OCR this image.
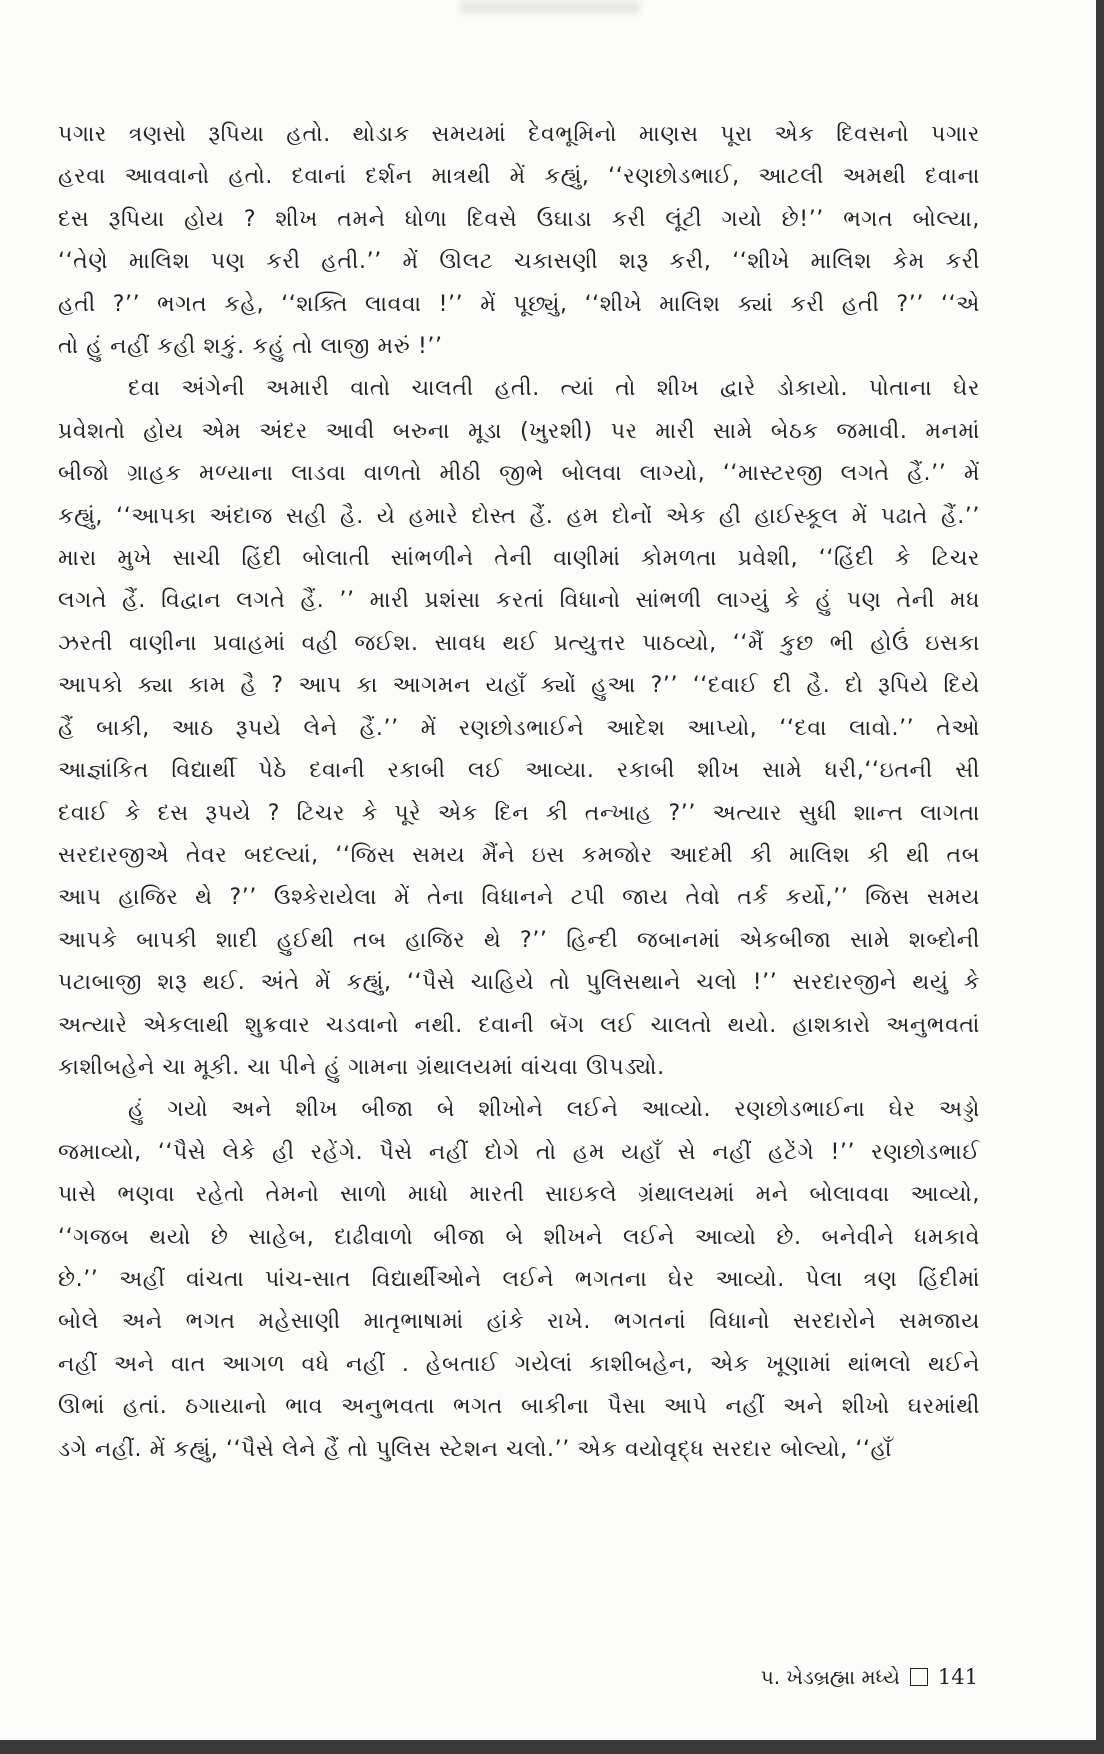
પગાર ત્રણસો રૂપિયા હતો. થોડાક સમયમાં દેવભૂમિનો માણસ પૂરા એક દિવસનો પગાર
હરવા આવવાનો હતો. દવાનાં દર્શન માત્રથી મેં કહ્યું, ‘‘રણછોડભાઈ, આટલી અમથી દવાના
દસ રૂપિયા હોય ? શીખ તમને ધોળા દિવસે ઉઘાડા કરી લૂંટી ગયો છે!’’ ભગત બોલ્યા,
‘‘તેણે માલિશ પણ કરી હતી.’’ મેં ઊલટ ચકાસણી શરૂ કરી, ‘‘શીખે માલિશ કેમ કરી
હતી ?’’ ભગત કહે, ‘‘શક્તિ લાવવા !’’ મેં પૂછ્યું, ‘‘શીખે માલિશ ક્યાં કરી હતી ?’’ ‘‘એ
તો હું નહીં કહી શકું. કહું તો લાજી મરું !’’
દવા અંગેની અમારી વાતો ચાલતી હતી. ત્યાં તો શીખ દ્વારે ડોકાયો. પોતાના ઘેર
પ્રવેશતો હોય એમ અંદર આવી બરુના મૂડા (ખુરશી) પર મારી સામે બેઠક જમાવી. મનમાં
બીજો ગ્રાહક મળ્યાના લાડવા વાળતો મીઠી જીભે બોલવા લાગ્યો, ‘‘માસ્ટરજી લગતે હૈં.’’ મેં
કહ્યું, ‘‘આપકા અંદાજ સહી હૈ. યે હમારે દોસ્ત હૈં. હમ દોનોં એક હી હાઈસ્કૂલ મેં પઢાતે હૈં.’’
મારા મુખે સાચી હિંદી બોલાતી સાંભળીને તેની વાણીમાં કોમળતા પ્રવેશી, ‘‘હિંદી કે ટિચર
લગતે હૈં. વિદ્વાન લગતે હૈં. ’’ મારી પ્રશંસા કરતાં વિધાનો સાંભળી લાગ્યું કે હું પણ તેની મધ
ઝરતી વાણીના પ્રવાહમાં વહી જઈશ. સાવધ થઈ પ્રત્યુત્તર પાઠવ્યો, ‘‘મૈં કુછ ભી હોઉં ઇસકા
આપકો ક્યા કામ હૈ ? આપ કા આગમન યહાઁ ક્યોં હુઆ ?’’ ‘‘દવાઈ દી હૈ. દો રૂપિયે દિયે
હૈં બાકી, આઠ રૂપયે લેને હૈં.’’ મેં રણછોડભાઈને આદેશ આપ્યો, ‘‘દવા લાવો.’’ તેઓ
આજ્ઞાંકિત વિદ્યાર્થી પેઠે દવાની રકાબી લઈ આવ્યા. રકાબી શીખ સામે ધરી,‘‘ઇતની સી
દવાઈ કે દસ રૂપયે ? ટિચર કે પૂરે એક દિન કી તન્ખાહ ?’’ અત્યાર સુધી શાન્ત લાગતા
સરદારજીએ તેવર બદલ્યાં, ‘‘જિસ સમય મૈંને ઇસ કમજોર આદમી કી માલિશ કી થી તબ
આપ હાજિર થે ?’’ ઉશ્કેરાયેલા મેં તેના વિધાનને ટપી જાય તેવો તર્ક કર્યો,’’ જિસ સમય
આપકે બાપકી શાદી હુઈથી તબ હાજિર થે ?’’ હિન્દી જબાનમાં એકબીજા સામે શબ્દોની
પટાબાજી શરૂ થઈ. અંતે મેં કહ્યું, ‘‘પૈસે ચાહિયે તો પુલિસથાને ચલો !’’ સરદારજીને થયું કે
અત્યારે એકલાથી શુક્રવાર ચડવાનો નથી. દવાની બૅગ લઈ ચાલતો થયો. હાશકારો અનુભવતાં
કાશીબહેને ચા મૂકી. ચા પીને હું ગામના ગ્રંથાલયમાં વાંચવા ઊપડ્યો.
હું ગયો અને શીખ બીજા બે શીખોને લઈને આવ્યો. રણછોડભાઈના ઘેર અડ્ડો
જમાવ્યો, ‘‘પૈસે લેકે હી રહેંગે. પૈસે નહીં દોગે તો હમ યહાઁ સે નહીં હટેંગે !’’ રણછોડભાઈ
પાસે ભણવા રહેતો તેમનો સાળો માધો મારતી સાઇકલે ગ્રંથાલયમાં મને બોલાવવા આવ્યો,
‘‘ગજબ થયો છે સાહેબ, દાઢીવાળો બીજા બે શીખને લઈને આવ્યો છે. બનેવીને ધમકાવે
છે.’’ અહીં વાંચતા પાંચ-સાત વિદ્યાર્થીઓને લઈને ભગતના ઘેર આવ્યો. પેલા ત્રણ હિંદીમાં
બોલે અને ભગત મહેસાણી માતૃભાષામાં હાંકે રાખે. ભગતનાં વિધાનો સરદારોને સમજાય
નહીં અને વાત આગળ વધે નહીં . હેબતાઈ ગયેલાં કાશીબહેન, એક ખૂણામાં થાંભલો થઈને
ઊભાં હતાં. ઠગાયાનો ભાવ અનુભવતા ભગત બાકીના પૈસા આપે નહીં અને શીખો ઘરમાંથી
ડગે નહીં. મેં કહ્યું, ‘‘પૈસે લેને હૈં તો પુલિસ સ્ટેશન ચલો.’’ એક વયોવૃદ્ધ સરદાર બોલ્યો, ‘‘હાઁ
પ. ખેડબ્રહ્મા મધ્યે 141
